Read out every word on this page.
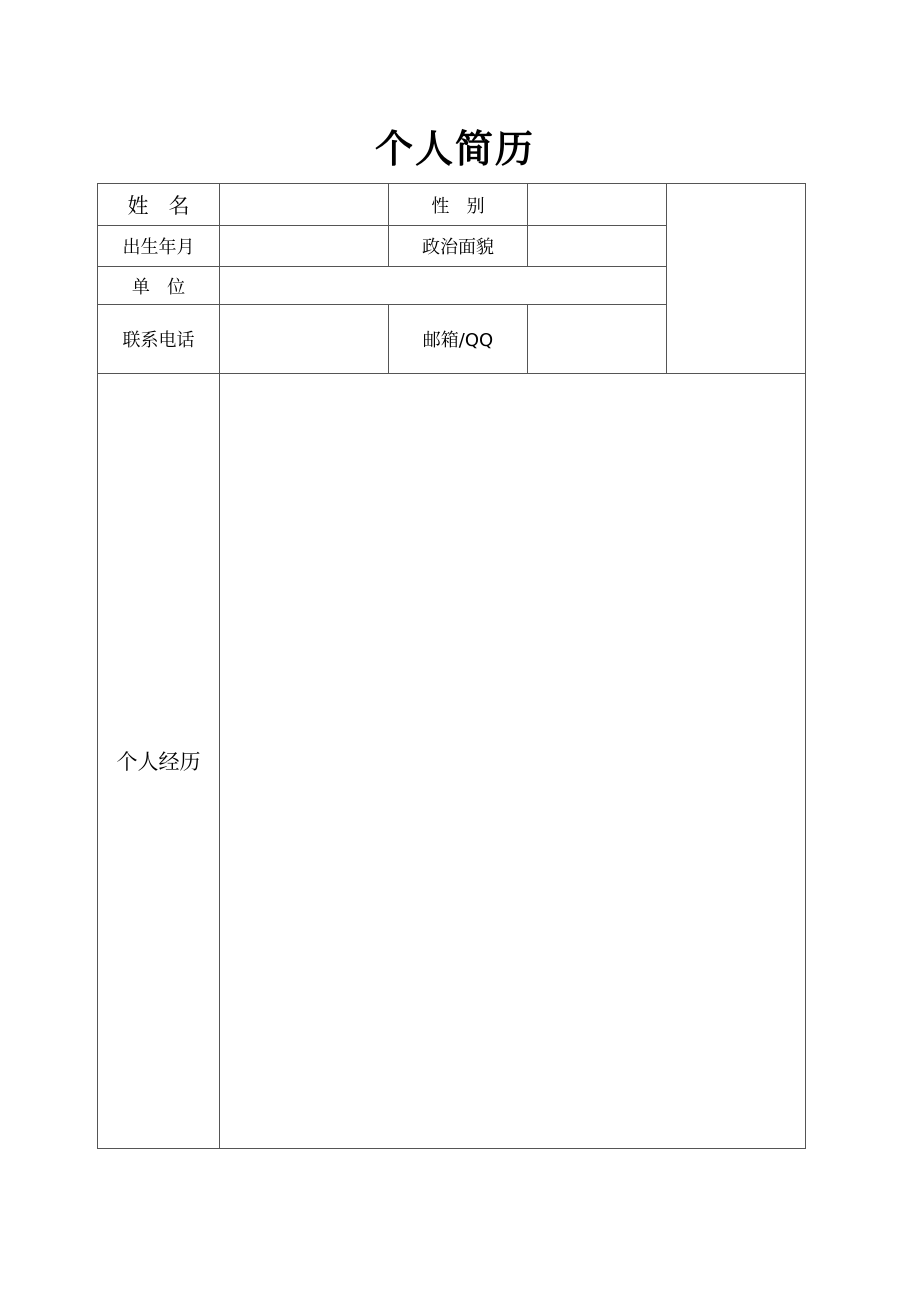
个人简历
姓   名		性   别		
出生年月		政治面貌		
单   位				
联系电话		邮箱/QQ		
个人经历				
